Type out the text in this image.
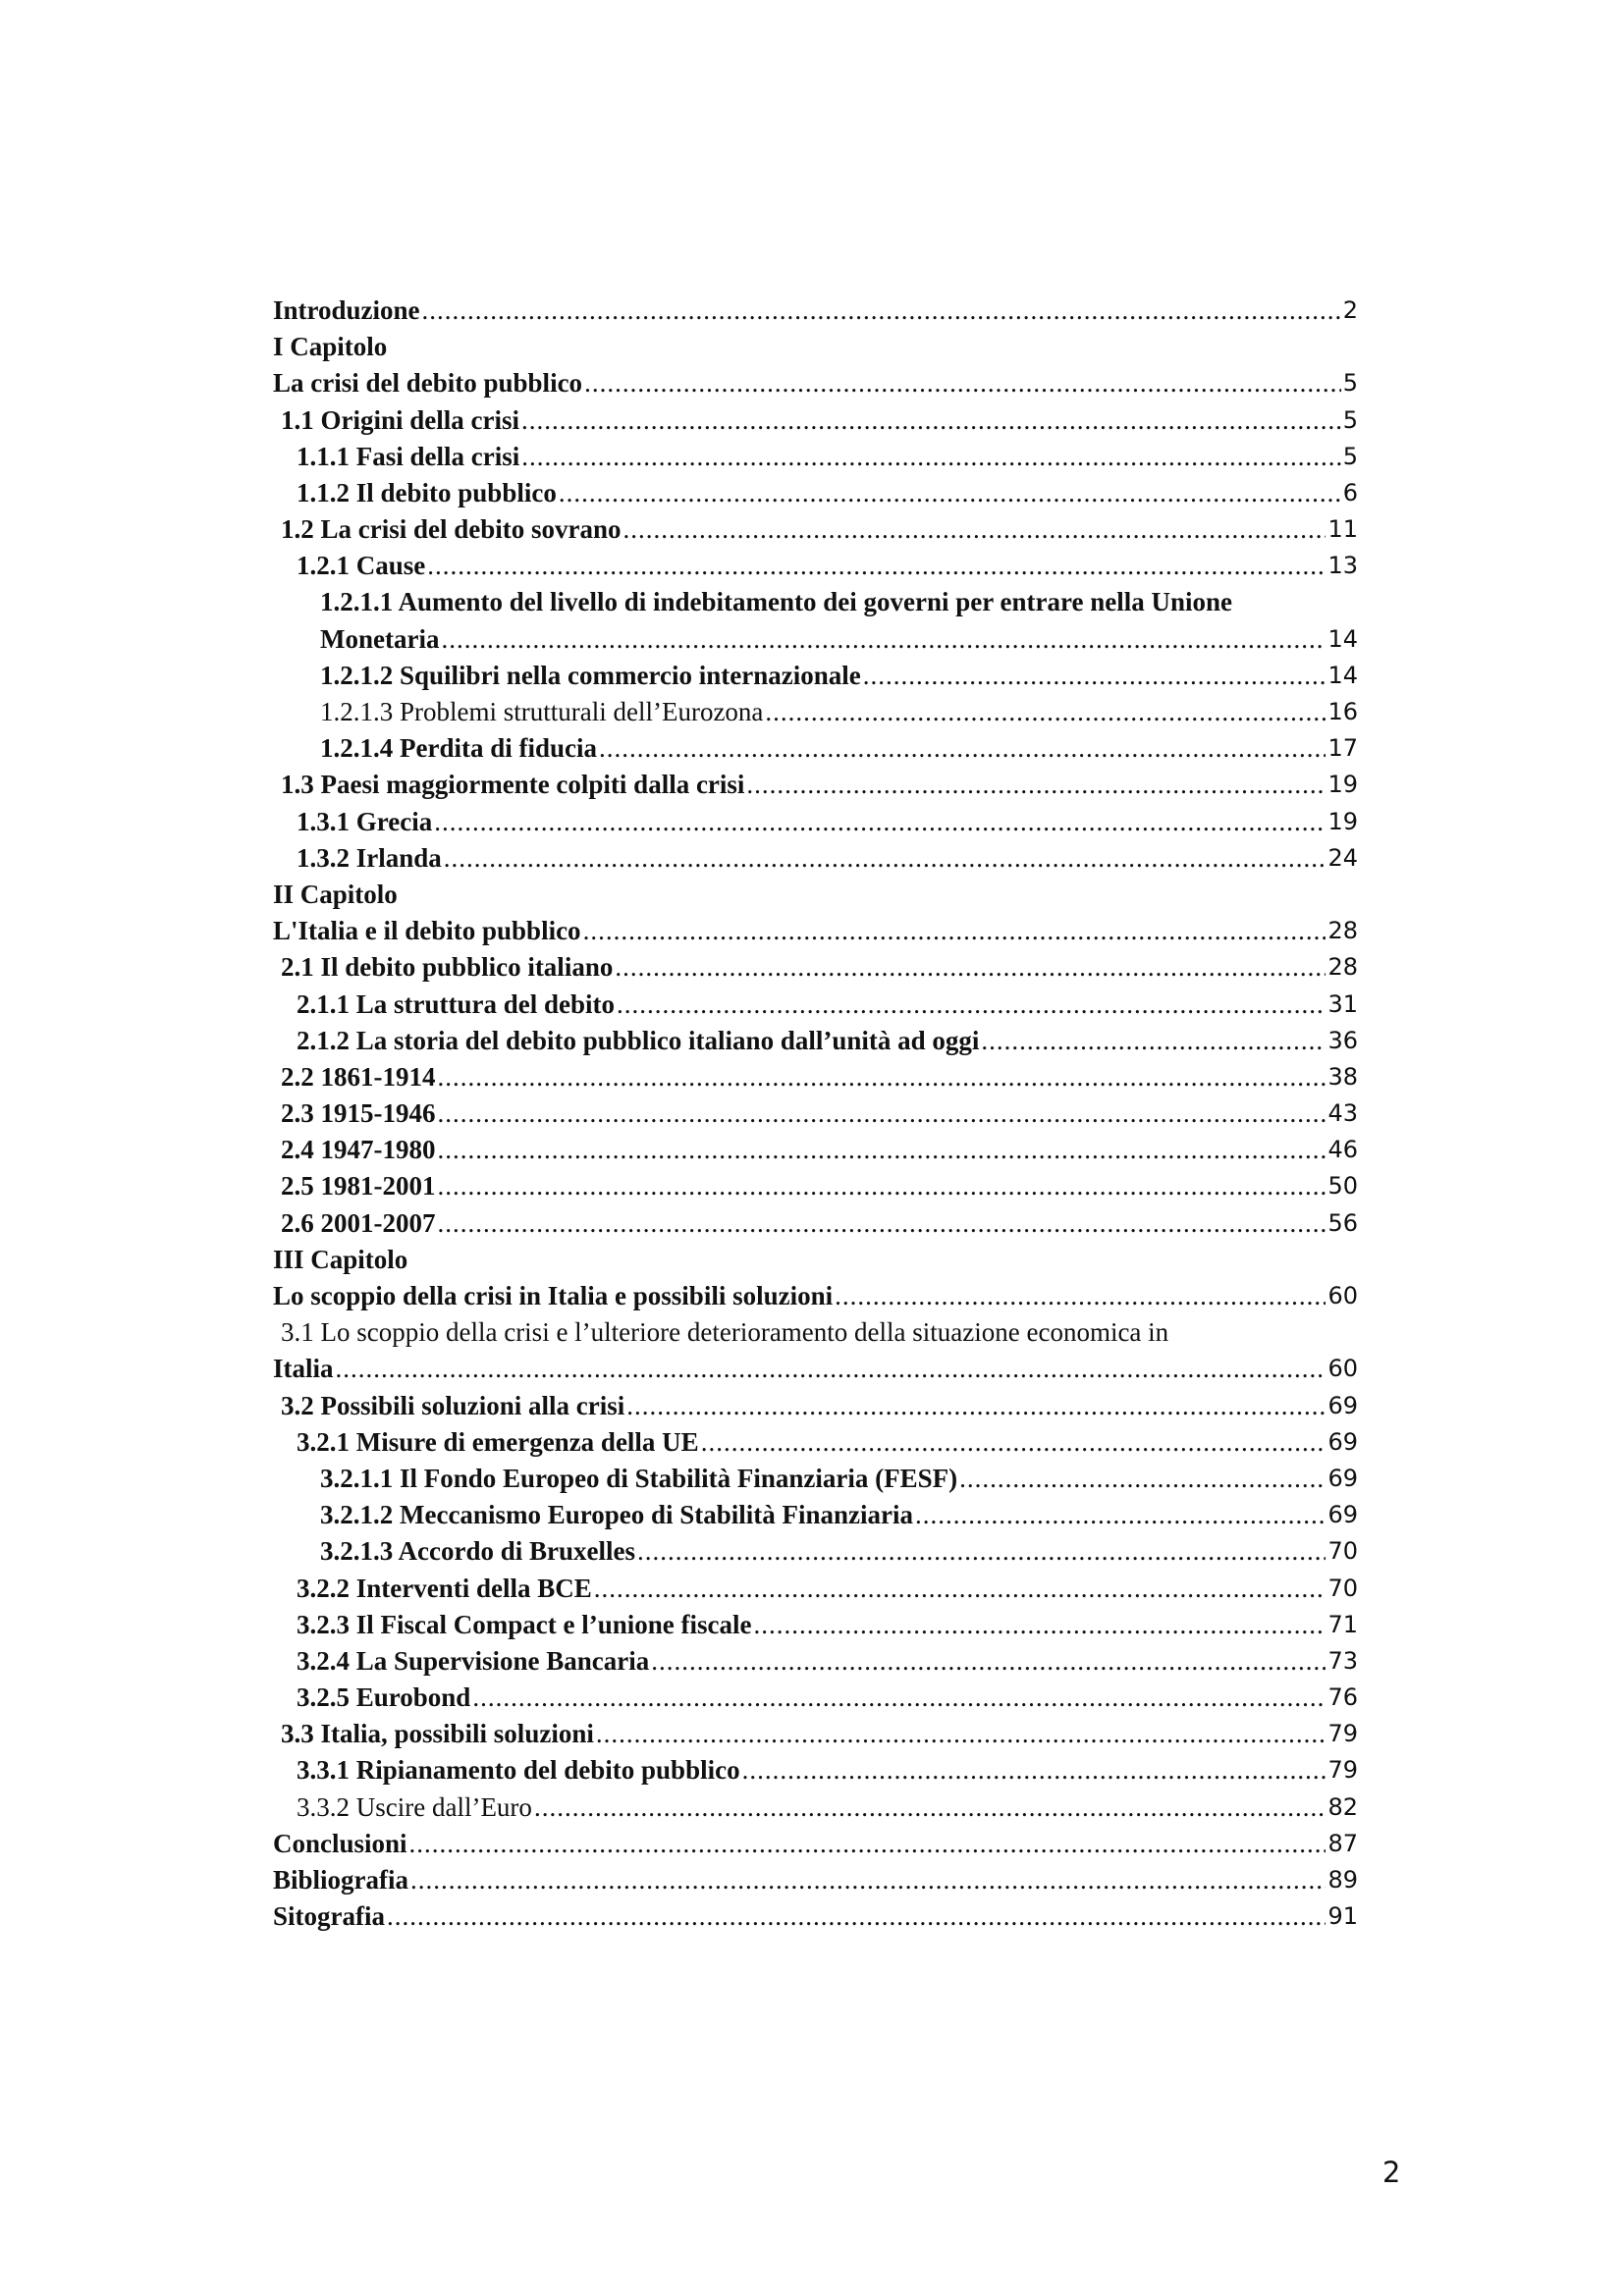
Introduzione .....	2
I Capitolo
La crisi del debito pubblico .....	5
1.1 Origini della crisi .....	5
1.1.1 Fasi della crisi .....	5
1.1.2 Il debito pubblico .....	6
1.2 La crisi del debito sovrano .....	11
1.2.1 Cause .....	13
1.2.1.1 Aumento del livello di indebitamento dei governi per entrare nella Unione
Monetaria .....	14
1.2.1.2 Squilibri nella commercio internazionale .....	14
1.2.1.3 Problemi strutturali dell’Eurozona .....	16
1.2.1.4 Perdita di fiducia .....	17
1.3 Paesi maggiormente colpiti dalla crisi .....	19
1.3.1 Grecia .....	19
1.3.2 Irlanda .....	24
II Capitolo
L'Italia e il debito pubblico .....	28
2.1 Il debito pubblico italiano .....	28
2.1.1 La struttura del debito .....	31
2.1.2 La storia del debito pubblico italiano dall’unità ad oggi .....	36
2.2 1861-1914 .....	38
2.3 1915-1946 .....	43
2.4 1947-1980 .....	46
2.5 1981-2001 .....	50
2.6 2001-2007 .....	56
III Capitolo
Lo scoppio della crisi in Italia e possibili soluzioni .....	60
3.1 Lo scoppio della crisi e l’ulteriore deterioramento della situazione economica in
Italia .....	60
3.2 Possibili soluzioni alla crisi .....	69
3.2.1 Misure di emergenza della UE .....	69
3.2.1.1 Il Fondo Europeo di Stabilità Finanziaria (FESF) .....	69
3.2.1.2 Meccanismo Europeo di Stabilità Finanziaria .....	69
3.2.1.3 Accordo di Bruxelles .....	70
3.2.2 Interventi della BCE .....	70
3.2.3 Il Fiscal Compact e l’unione fiscale .....	71
3.2.4 La Supervisione Bancaria .....	73
3.2.5 Eurobond .....	76
3.3 Italia, possibili soluzioni .....	79
3.3.1 Ripianamento del debito pubblico .....	79
3.3.2 Uscire dall’Euro .....	82
Conclusioni .....	87
Bibliografia .....	89
Sitografia .....	91
2
